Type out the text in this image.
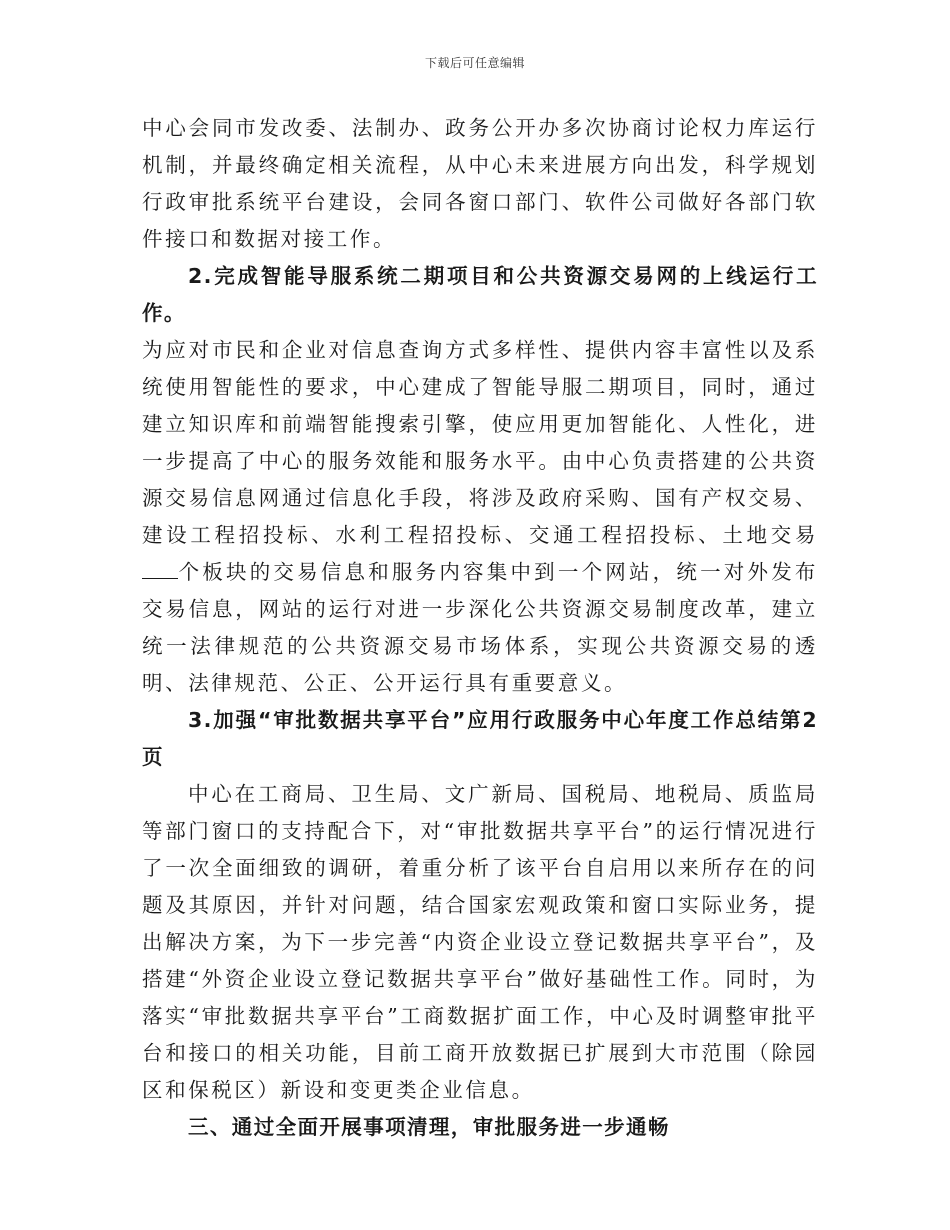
下载后可任意编辑

中心会同市发改委、法制办、政务公开办多次协商讨论权力库运行机制，并最终确定相关流程，从中心未来进展方向出发，科学规划行政审批系统平台建设，会同各窗口部门、软件公司做好各部门软件接口和数据对接工作。

2.完成智能导服系统二期项目和公共资源交易网的上线运行工作。

为应对市民和企业对信息查询方式多样性、提供内容丰富性以及系统使用智能性的要求，中心建成了智能导服二期项目，同时，通过建立知识库和前端智能搜索引擎，使应用更加智能化、人性化，进一步提高了中心的服务效能和服务水平。由中心负责搭建的公共资源交易信息网通过信息化手段，将涉及政府采购、国有产权交易、建设工程招投标、水利工程招投标、交通工程招投标、土地交易个板块的交易信息和服务内容集中到一个网站，统一对外发布交易信息，网站的运行对进一步深化公共资源交易制度改革，建立统一法律规范的公共资源交易市场体系，实现公共资源交易的透明、法律规范、公正、公开运行具有重要意义。

3.加强“审批数据共享平台”应用行政服务中心年度工作总结第2页

中心在工商局、卫生局、文广新局、国税局、地税局、质监局等部门窗口的支持配合下，对“审批数据共享平台”的运行情况进行了一次全面细致的调研，着重分析了该平台自启用以来所存在的问题及其原因，并针对问题，结合国家宏观政策和窗口实际业务，提出解决方案，为下一步完善“内资企业设立登记数据共享平台”，及搭建“外资企业设立登记数据共享平台”做好基础性工作。同时，为落实“审批数据共享平台”工商数据扩面工作，中心及时调整审批平台和接口的相关功能，目前工商开放数据已扩展到大市范围（除园区和保税区）新设和变更类企业信息。

三、通过全面开展事项清理，审批服务进一步通畅
